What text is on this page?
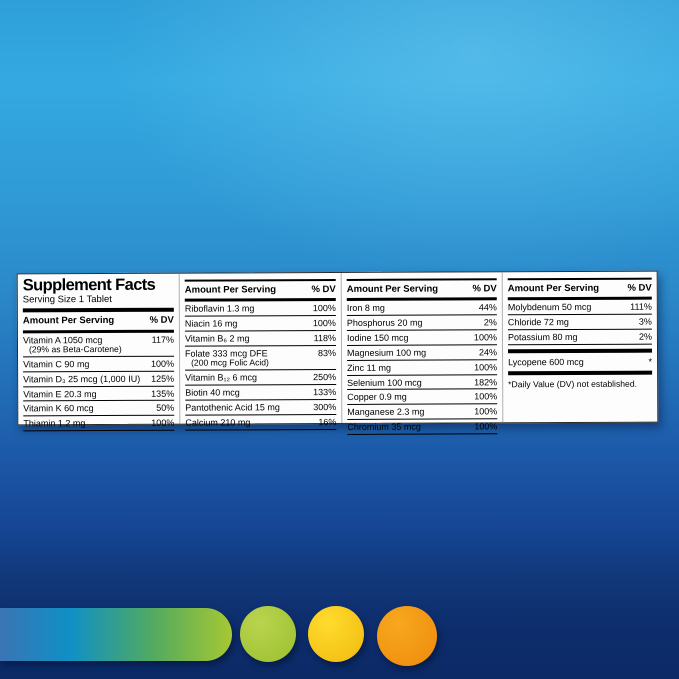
Supplement Facts
Serving Size 1 Tablet
Amount Per Serving	% DV
Vitamin A 1050 mcg	117%
(29% as Beta-Carotene)
Vitamin C 90 mg	100%
Vitamin D₃ 25 mcg (1,000 IU) 125%
Vitamin E 20.3 mg	135%
Vitamin K 60 mcg	50%
Thiamin 1.2 mg	100%
Amount Per Serving	% DV
Riboflavin 1.3 mg	100%
Niacin 16 mg	100%
Vitamin B₆ 2 mg	118%
Folate 333 mcg DFE	83%
(200 mcg Folic Acid)
Vitamin B₁₂ 6 mcg	250%
Biotin 40 mcg	133%
Pantothenic Acid 15 mg	300%
Calcium 210 mg	16%
Amount Per Serving	% DV
Iron 8 mg	44%
Phosphorus 20 mg	2%
Iodine 150 mcg	100%
Magnesium 100 mg	24%
Zinc 11 mg	100%
Selenium 100 mcg	182%
Copper 0.9 mg	100%
Manganese 2.3 mg	100%
Chromium 35 mcg	100%
Amount Per Serving	% DV
Molybdenum 50 mcg	111%
Chloride 72 mg	3%
Potassium 80 mg	2%
Lycopene 600 mcg	*
*Daily Value (DV) not established.
